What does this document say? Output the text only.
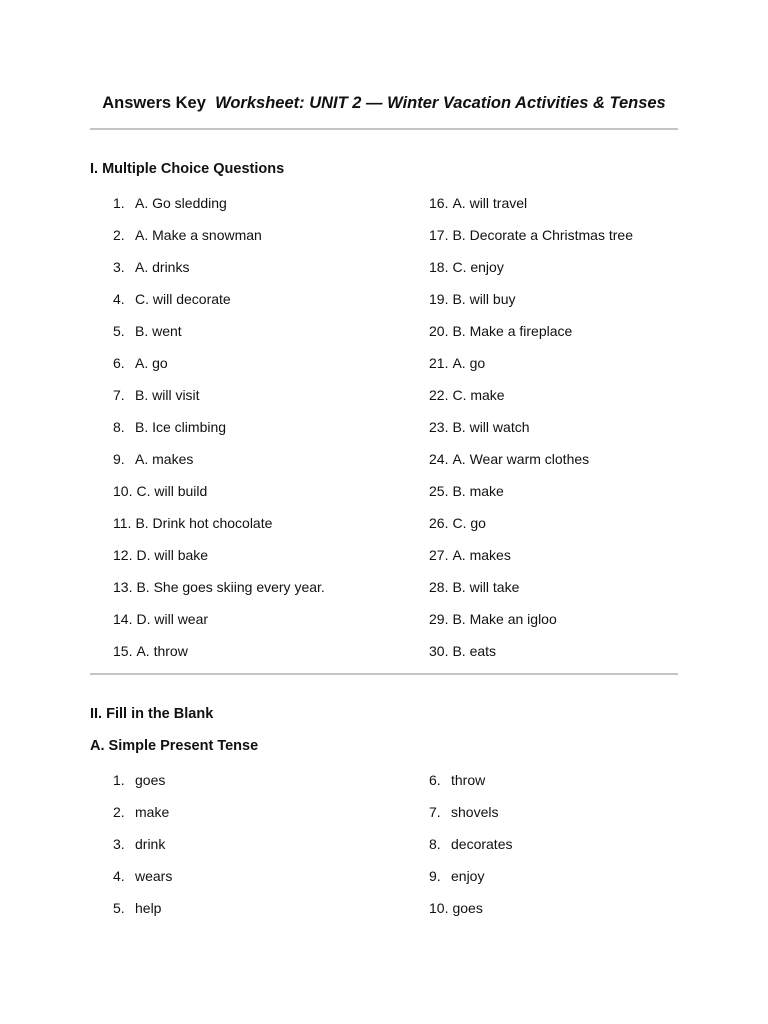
Answers Key Worksheet: UNIT 2 — Winter Vacation Activities & Tenses
I. Multiple Choice Questions
1. A. Go sledding
2. A. Make a snowman
3. A. drinks
4. C. will decorate
5. B. went
6. A. go
7. B. will visit
8. B. Ice climbing
9. A. makes
10. C. will build
11. B. Drink hot chocolate
12. D. will bake
13. B. She goes skiing every year.
14. D. will wear
15. A. throw
16. A. will travel
17. B. Decorate a Christmas tree
18. C. enjoy
19. B. will buy
20. B. Make a fireplace
21. A. go
22. C. make
23. B. will watch
24. A. Wear warm clothes
25. B. make
26. C. go
27. A. makes
28. B. will take
29. B. Make an igloo
30. B. eats
II. Fill in the Blank
A. Simple Present Tense
1. goes
2. make
3. drink
4. wears
5. help
6. throw
7. shovels
8. decorates
9. enjoy
10. goes
